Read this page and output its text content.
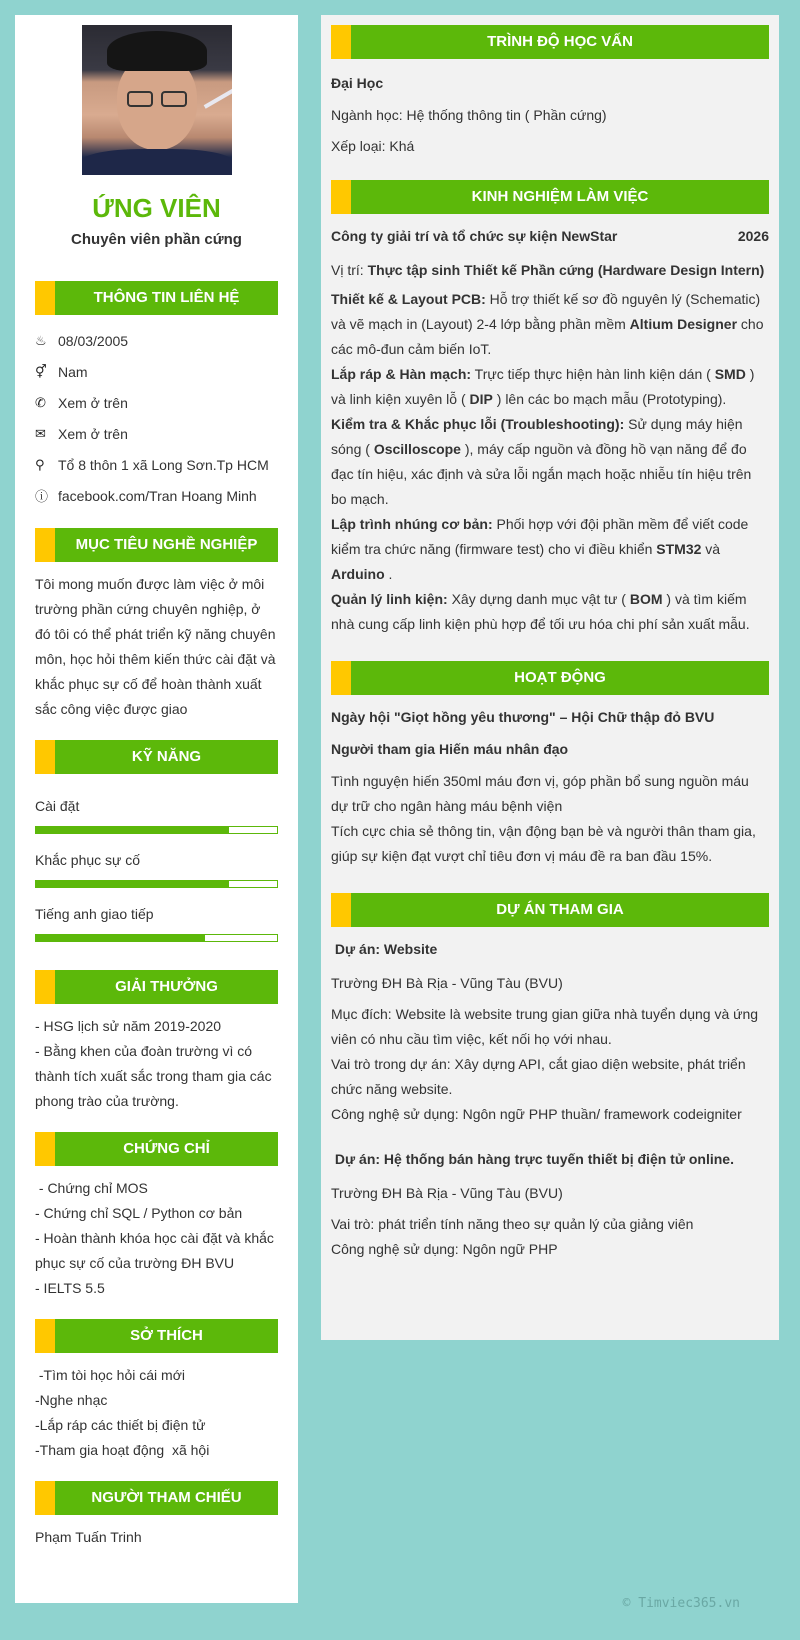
ỨNG VIÊN
Chuyên viên phần cứng
THÔNG TIN LIÊN HỆ
♨ 08/03/2005
⚥ Nam
✆ Xem ở trên
✉ Xem ở trên
⚲ Tổ 8 thôn 1 xã Long Sơn.Tp HCM
ⓘ facebook.com/Tran Hoang Minh
MỤC TIÊU NGHỀ NGHIỆP
Tôi mong muốn được làm việc ở môi trường phần cứng chuyên nghiệp, ở đó tôi có thể phát triển kỹ năng chuyên môn, học hỏi thêm kiến thức cài đặt và khắc phục sự cố để hoàn thành xuất sắc công việc được giao
KỸ NĂNG
Cài đặt
Khắc phục sự cố
Tiếng anh giao tiếp
GIẢI THƯỞNG
- HSG lịch sử năm 2019-2020
- Bằng khen của đoàn trường vì có thành tích xuất sắc trong tham gia các phong trào của trường.
CHỨNG CHỈ
- Chứng chỉ MOS
- Chứng chỉ SQL / Python cơ bản
- Hoàn thành khóa học cài đặt và khắc phục sự cố của trường ĐH BVU
- IELTS 5.5
SỞ THÍCH
-Tìm tòi học hỏi cái mới
-Nghe nhạc
-Lắp ráp các thiết bị điện tử
-Tham gia hoạt động  xã hội
NGƯỜI THAM CHIẾU
Phạm Tuấn Trinh
TRÌNH ĐỘ HỌC VẤN
Đại Học
Ngành học: Hệ thống thông tin ( Phần cứng)
Xếp loại: Khá
KINH NGHIỆM LÀM VIỆC
Công ty giải trí và tổ chức sự kiện NewStar	2026
Vị trí: Thực tập sinh Thiết kế Phần cứng (Hardware Design Intern)
Thiết kế & Layout PCB: Hỗ trợ thiết kế sơ đồ nguyên lý (Schematic) và vẽ mạch in (Layout) 2-4 lớp bằng phần mềm Altium Designer cho các mô-đun cảm biến IoT.
Lắp ráp & Hàn mạch: Trực tiếp thực hiện hàn linh kiện dán ( SMD ) và linh kiện xuyên lỗ ( DIP ) lên các bo mạch mẫu (Prototyping).
Kiểm tra & Khắc phục lỗi (Troubleshooting): Sử dụng máy hiện sóng ( Oscilloscope ), máy cấp nguồn và đồng hồ vạn năng để đo đạc tín hiệu, xác định và sửa lỗi ngắn mạch hoặc nhiễu tín hiệu trên bo mạch.
Lập trình nhúng cơ bản: Phối hợp với đội phần mềm để viết code kiểm tra chức năng (firmware test) cho vi điều khiển STM32 và Arduino .
Quản lý linh kiện: Xây dựng danh mục vật tư ( BOM ) và tìm kiếm nhà cung cấp linh kiện phù hợp để tối ưu hóa chi phí sản xuất mẫu.
HOẠT ĐỘNG
Ngày hội "Giọt hồng yêu thương" – Hội Chữ thập đỏ BVU
Người tham gia Hiến máu nhân đạo
Tình nguyện hiến 350ml máu đơn vị, góp phần bổ sung nguồn máu dự trữ cho ngân hàng máu bệnh viện
Tích cực chia sẻ thông tin, vận động bạn bè và người thân tham gia, giúp sự kiện đạt vượt chỉ tiêu đơn vị máu đề ra ban đầu 15%.
DỰ ÁN THAM GIA
Dự án: Website
Trường ĐH Bà Rịa - Vũng Tàu (BVU)
Mục đích: Website là website trung gian giữa nhà tuyển dụng và ứng viên có nhu cầu tìm việc, kết nối họ với nhau.
Vai trò trong dự án: Xây dựng API, cắt giao diện website, phát triển chức năng website.
Công nghệ sử dụng: Ngôn ngữ PHP thuần/ framework codeigniter
Dự án: Hệ thống bán hàng trực tuyến thiết bị điện tử online.
Trường ĐH Bà Rịa - Vũng Tàu (BVU)
Vai trò: phát triển tính năng theo sự quản lý của giảng viên
Công nghệ sử dụng: Ngôn ngữ PHP
© Timviec365.vn
